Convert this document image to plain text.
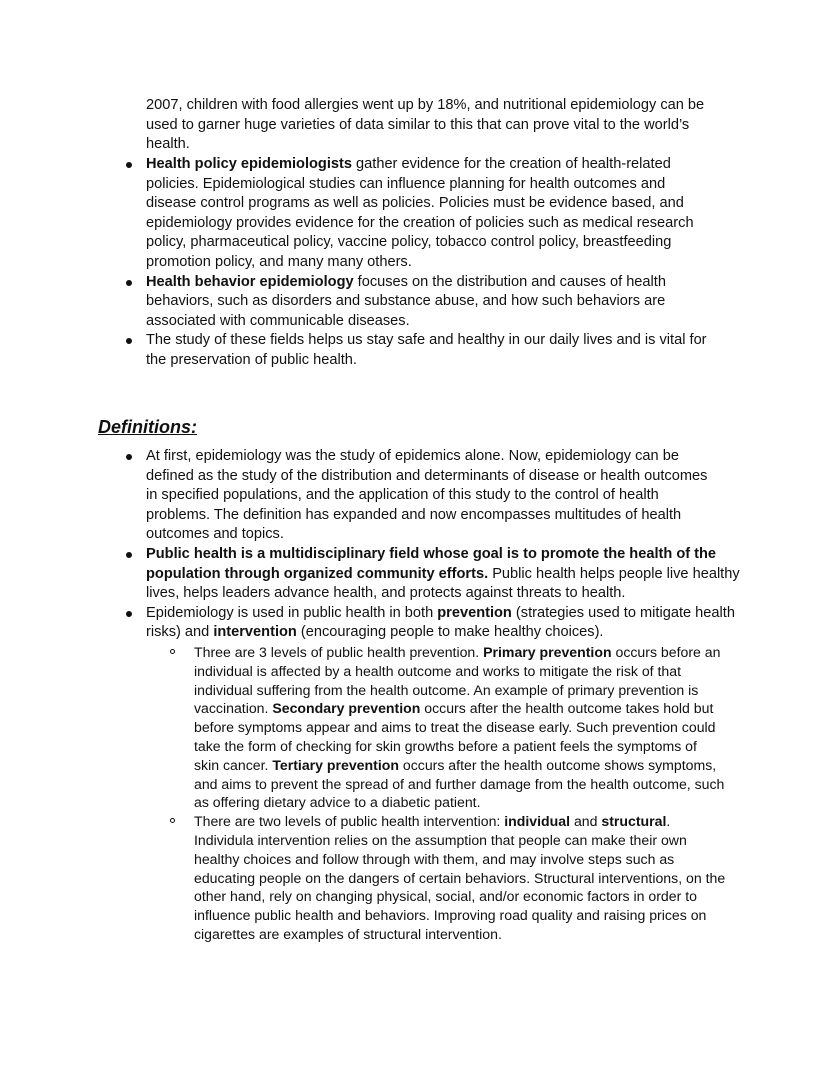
2007, children with food allergies went up by 18%, and nutritional epidemiology can be
used to garner huge varieties of data similar to this that can prove vital to the world’s
health.
Health policy epidemiologists gather evidence for the creation of health-related
policies. Epidemiological studies can influence planning for health outcomes and
disease control programs as well as policies. Policies must be evidence based, and
epidemiology provides evidence for the creation of policies such as medical research
policy, pharmaceutical policy, vaccine policy, tobacco control policy, breastfeeding
promotion policy, and many many others.
Health behavior epidemiology focuses on the distribution and causes of health
behaviors, such as disorders and substance abuse, and how such behaviors are
associated with communicable diseases.
The study of these fields helps us stay safe and healthy in our daily lives and is vital for
the preservation of public health.
Definitions:
At first, epidemiology was the study of epidemics alone. Now, epidemiology can be
defined as the study of the distribution and determinants of disease or health outcomes
in specified populations, and the application of this study to the control of health
problems. The definition has expanded and now encompasses multitudes of health
outcomes and topics.
Public health is a multidisciplinary field whose goal is to promote the health of the
population through organized community efforts. Public health helps people live healthy
lives, helps leaders advance health, and protects against threats to health.
Epidemiology is used in public health in both prevention (strategies used to mitigate health
risks) and intervention (encouraging people to make healthy choices).
Three are 3 levels of public health prevention. Primary prevention occurs before an
individual is affected by a health outcome and works to mitigate the risk of that
individual suffering from the health outcome. An example of primary prevention is
vaccination. Secondary prevention occurs after the health outcome takes hold but
before symptoms appear and aims to treat the disease early. Such prevention could
take the form of checking for skin growths before a patient feels the symptoms of
skin cancer. Tertiary prevention occurs after the health outcome shows symptoms,
and aims to prevent the spread of and further damage from the health outcome, such
as offering dietary advice to a diabetic patient.
There are two levels of public health intervention: individual and structural.
Individula intervention relies on the assumption that people can make their own
healthy choices and follow through with them, and may involve steps such as
educating people on the dangers of certain behaviors. Structural interventions, on the
other hand, rely on changing physical, social, and/or economic factors in order to
influence public health and behaviors. Improving road quality and raising prices on
cigarettes are examples of structural intervention.
